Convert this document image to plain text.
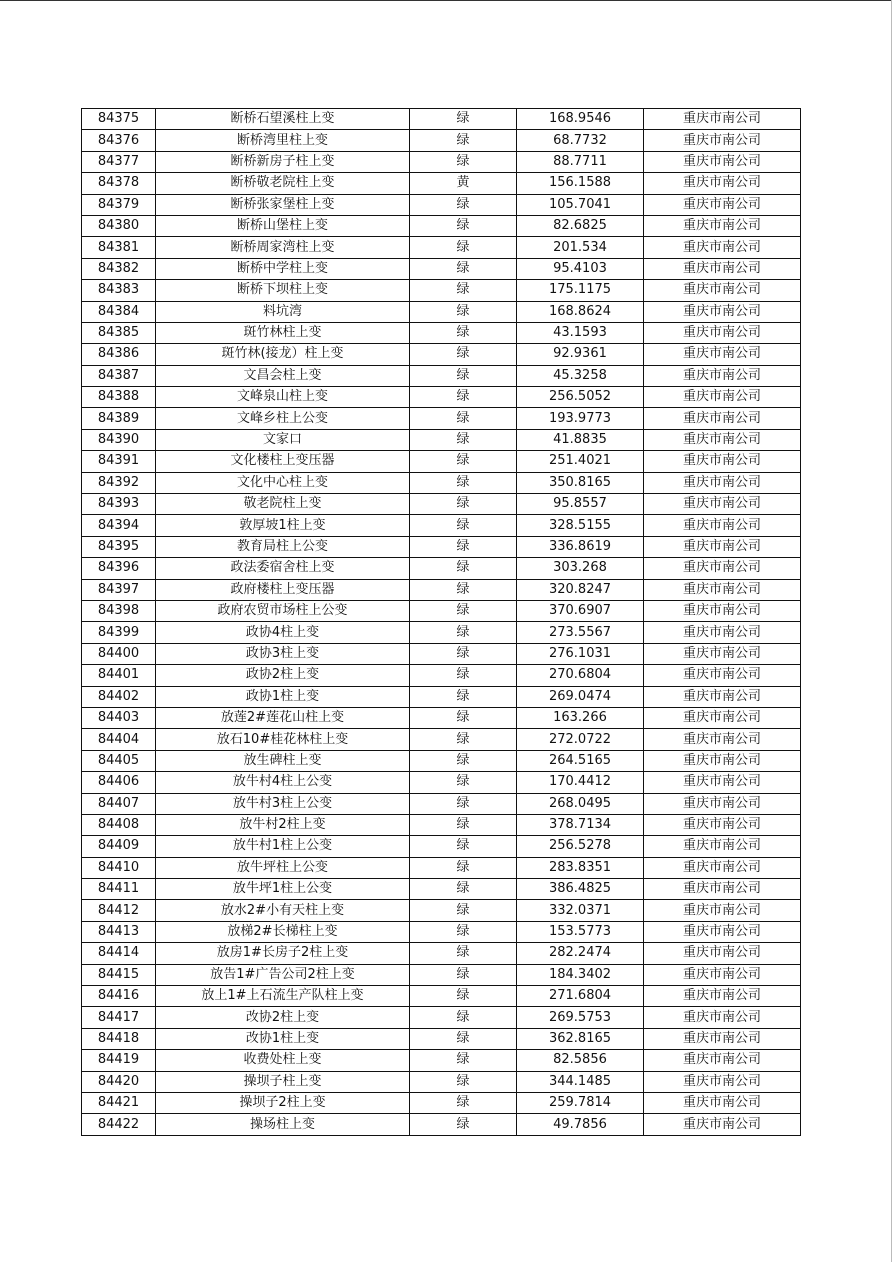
84375	断桥石望溪柱上变	绿	168.9546	重庆市南公司
84376	断桥湾里柱上变	绿	68.7732	重庆市南公司
84377	断桥新房子柱上变	绿	88.7711	重庆市南公司
84378	断桥敬老院柱上变	黄	156.1588	重庆市南公司
84379	断桥张家堡柱上变	绿	105.7041	重庆市南公司
84380	断桥山堡柱上变	绿	82.6825	重庆市南公司
84381	断桥周家湾柱上变	绿	201.534	重庆市南公司
84382	断桥中学柱上变	绿	95.4103	重庆市南公司
84383	断桥下坝柱上变	绿	175.1175	重庆市南公司
84384	料坑湾	绿	168.8624	重庆市南公司
84385	斑竹林柱上变	绿	43.1593	重庆市南公司
84386	斑竹林(接龙）柱上变	绿	92.9361	重庆市南公司
84387	文昌会柱上变	绿	45.3258	重庆市南公司
84388	文峰泉山柱上变	绿	256.5052	重庆市南公司
84389	文峰乡柱上公变	绿	193.9773	重庆市南公司
84390	文家口	绿	41.8835	重庆市南公司
84391	文化楼柱上变压器	绿	251.4021	重庆市南公司
84392	文化中心柱上变	绿	350.8165	重庆市南公司
84393	敬老院柱上变	绿	95.8557	重庆市南公司
84394	敦厚坡1柱上变	绿	328.5155	重庆市南公司
84395	教育局柱上公变	绿	336.8619	重庆市南公司
84396	政法委宿舍柱上变	绿	303.268	重庆市南公司
84397	政府楼柱上变压器	绿	320.8247	重庆市南公司
84398	政府农贸市场柱上公变	绿	370.6907	重庆市南公司
84399	政协4柱上变	绿	273.5567	重庆市南公司
84400	政协3柱上变	绿	276.1031	重庆市南公司
84401	政协2柱上变	绿	270.6804	重庆市南公司
84402	政协1柱上变	绿	269.0474	重庆市南公司
84403	放莲2#莲花山柱上变	绿	163.266	重庆市南公司
84404	放石10#桂花林柱上变	绿	272.0722	重庆市南公司
84405	放生碑柱上变	绿	264.5165	重庆市南公司
84406	放牛村4柱上公变	绿	170.4412	重庆市南公司
84407	放牛村3柱上公变	绿	268.0495	重庆市南公司
84408	放牛村2柱上变	绿	378.7134	重庆市南公司
84409	放牛村1柱上公变	绿	256.5278	重庆市南公司
84410	放牛坪柱上公变	绿	283.8351	重庆市南公司
84411	放牛坪1柱上公变	绿	386.4825	重庆市南公司
84412	放水2#小有天柱上变	绿	332.0371	重庆市南公司
84413	放梯2#长梯柱上变	绿	153.5773	重庆市南公司
84414	放房1#长房子2柱上变	绿	282.2474	重庆市南公司
84415	放告1#广告公司2柱上变	绿	184.3402	重庆市南公司
84416	放上1#上石流生产队柱上变	绿	271.6804	重庆市南公司
84417	改协2柱上变	绿	269.5753	重庆市南公司
84418	改协1柱上变	绿	362.8165	重庆市南公司
84419	收费处柱上变	绿	82.5856	重庆市南公司
84420	操坝子柱上变	绿	344.1485	重庆市南公司
84421	操坝子2柱上变	绿	259.7814	重庆市南公司
84422	操场柱上变	绿	49.7856	重庆市南公司
